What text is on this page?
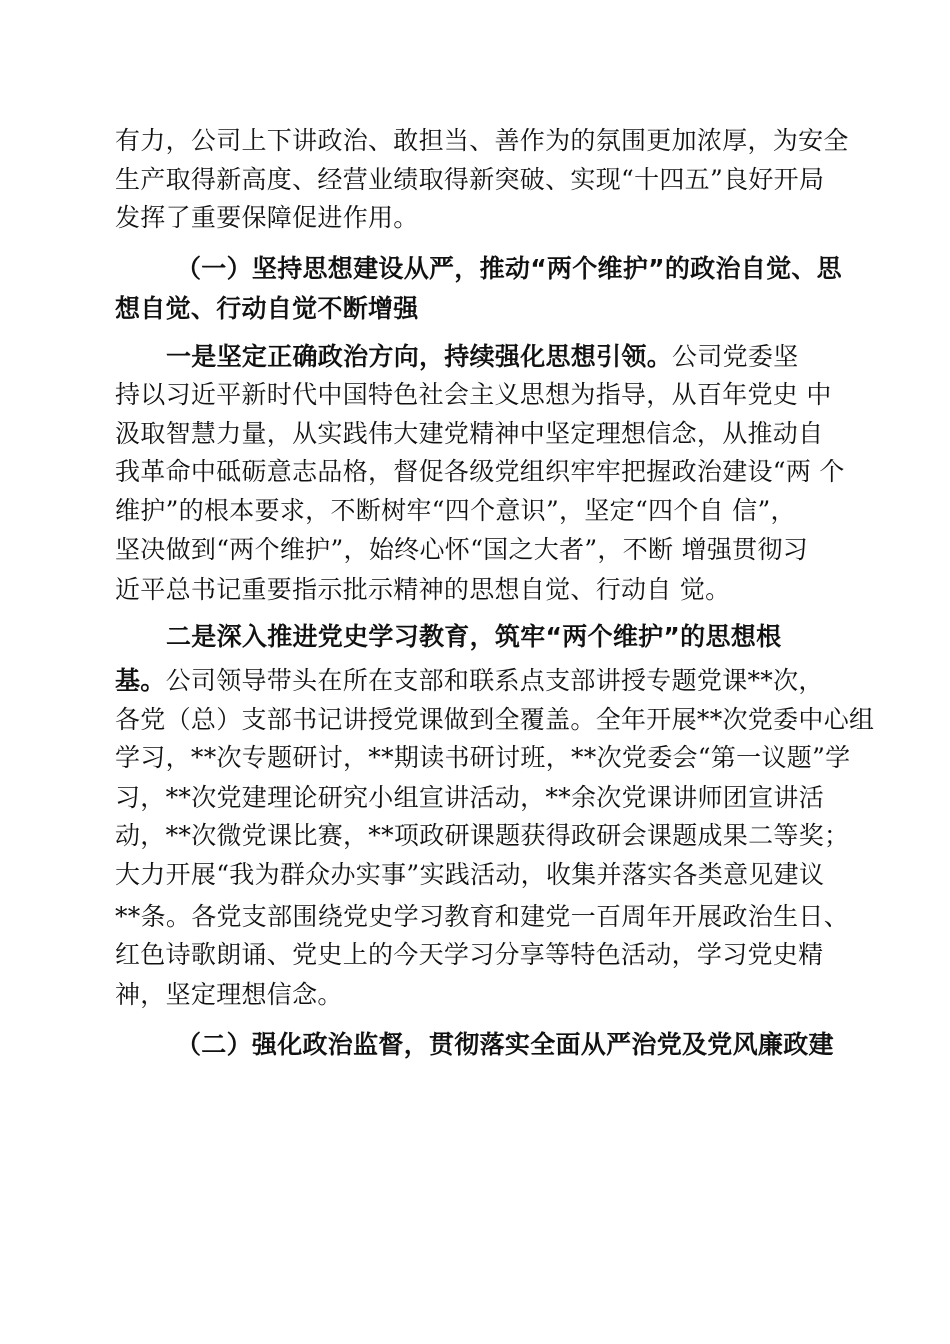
有力，公司上下讲政治、敢担当、善作为的氛围更加浓厚，为安全
生产取得新高度、经营业绩取得新突破、实现“十四五”良好开局
发挥了重要保障促进作用。
（一）坚持思想建设从严，推动“两个维护”的政治自觉、思
想自觉、行动自觉不断增强
一是坚定正确政治方向，持续强化思想引领。公司党委坚
持以习近平新时代中国特色社会主义思想为指导，从百年党史 中
汲取智慧力量，从实践伟大建党精神中坚定理想信念，从推动自
我革命中砥砺意志品格，督促各级党组织牢牢把握政治建设“两 个
维护”的根本要求，不断树牢“四个意识”，坚定“四个自 信”，
坚决做到“两个维护”，始终心怀“国之大者”，不断 增强贯彻习
近平总书记重要指示批示精神的思想自觉、行动自 觉。
二是深入推进党史学习教育，筑牢“两个维护”的思想根
基。公司领导带头在所在支部和联系点支部讲授专题党课**次，
各党（总）支部书记讲授党课做到全覆盖。全年开展**次党委中心组
学习，**次专题研讨，**期读书研讨班，**次党委会“第一议题”学
习，**次党建理论研究小组宣讲活动，**余次党课讲师团宣讲活
动，**次微党课比赛，**项政研课题获得政研会课题成果二等奖；
大力开展“我为群众办实事”实践活动，收集并落实各类意见建议
**条。各党支部围绕党史学习教育和建党一百周年开展政治生日、
红色诗歌朗诵、党史上的今天学习分享等特色活动，学习党史精
神，坚定理想信念。
（二）强化政治监督，贯彻落实全面从严治党及党风廉政建
